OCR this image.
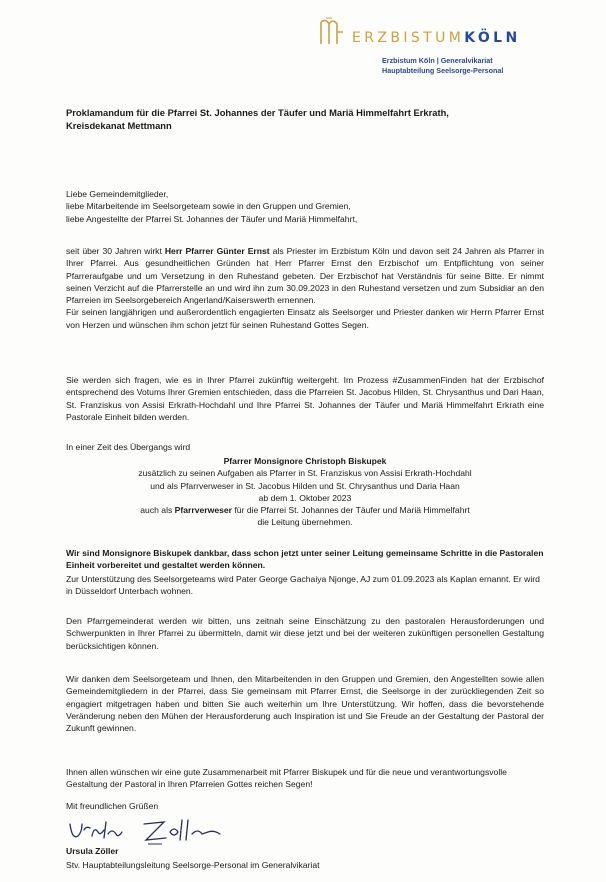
ERZBISTUMKÖLN
Erzbistum Köln | Generalvikariat
Hauptabteilung Seelsorge-Personal
Proklamandum für die Pfarrei St. Johannes der Täufer und Mariä Himmelfahrt Erkrath,
Kreisdekanat Mettmann

Liebe Gemeindemitglieder,

liebe Mitarbeitende im Seelsorgeteam sowie in den Gruppen und Gremien,

liebe Angestellte der Pfarrei St. Johannes der Täufer und Mariä Himmelfahrt,

seit über 30 Jahren wirkt Herr Pfarrer Günter Ernst als Priester im Erzbistum Köln und davon seit 24 Jahren als Pfarrer in Ihrer Pfarrei. Aus gesundheitlichen Gründen hat Herr Pfarrer Ernst den Erzbischof um Entpflichtung von seiner Pfarreraufgabe und um Versetzung in den Ruhestand gebeten. Der Erzbischof hat Verständnis für seine Bitte. Er nimmt seinen Verzicht auf die Pfarrerstelle an und wird ihn zum 30.09.2023 in den Ruhestand versetzen und zum Subsidiar an den Pfarreien im Seelsorgebereich Angerland/Kaiserswerth ernennen.

Für seinen langjährigen und außerordentlich engagierten Einsatz als Seelsorger und Priester danken wir Herrn Pfarrer Ernst von Herzen und wünschen ihm schon jetzt für seinen Ruhestand Gottes Segen.

Sie werden sich fragen, wie es in Ihrer Pfarrei zukünftig weitergeht. Im Prozess #ZusammenFinden hat der Erzbischof entsprechend des Votums Ihrer Gremien entschieden, dass die Pfarreien St. Jacobus Hilden, St. Chrysanthus und Dari Haan, St. Franziskus von Assisi Erkrath-Hochdahl und Ihre Pfarrei St. Johannes der Täufer und Mariä Himmelfahrt Erkrath eine Pastorale Einheit bilden werden.

In einer Zeit des Übergangs wird

Pfarrer Monsignore Christoph Biskupek
zusätzlich zu seinen Aufgaben als Pfarrer in St. Franziskus von Assisi Erkrath-Hochdahl
und als Pfarrverweser in St. Jacobus Hilden und St. Chrysanthus und Daria Haan
ab dem 1. Oktober 2023
auch als Pfarrverweser für die Pfarrei St. Johannes der Täufer und Mariä Himmelfahrt
die Leitung übernehmen.

Wir sind Monsignore Biskupek dankbar, dass schon jetzt unter seiner Leitung gemeinsame Schritte in die Pastoralen Einheit vorbereitet und gestaltet werden können.

Zur Unterstützung des Seelsorgeteams wird Pater George Gachaiya Njonge, AJ zum 01.09.2023 als Kaplan ernannt. Er wird in Düsseldorf Unterbach wohnen.

Den Pfarrgemeinderat werden wir bitten, uns zeitnah seine Einschätzung zu den pastoralen Herausforderungen und Schwerpunkten in Ihrer Pfarrei zu übermitteln, damit wir diese jetzt und bei der weiteren zukünftigen personellen Gestaltung berücksichtigen können.

Wir danken dem Seelsorgeteam und Ihnen, den Mitarbeitenden in den Gruppen und Gremien, den Angestellten sowie allen Gemeindemitgliedern in der Pfarrei, dass Sie gemeinsam mit Pfarrer Ernst, die Seelsorge in der zurückliegenden Zeit so engagiert mitgetragen haben und bitten Sie auch weiterhin um Ihre Unterstützung. Wir hoffen, dass die bevorstehende Veränderung neben den Mühen der Herausforderung auch Inspiration ist und Sie Freude an der Gestaltung der Pastoral der Zukunft gewinnen.

Ihnen allen wünschen wir eine gute Zusammenarbeit mit Pfarrer Biskupek und für die neue und verantwortungsvolle Gestaltung der Pastoral in Ihren Pfarreien Gottes reichen Segen!

Mit freundlichen Grüßen

Ursula Zöller
Stv. Hauptabteilungsleitung Seelsorge-Personal im Generalvikariat
